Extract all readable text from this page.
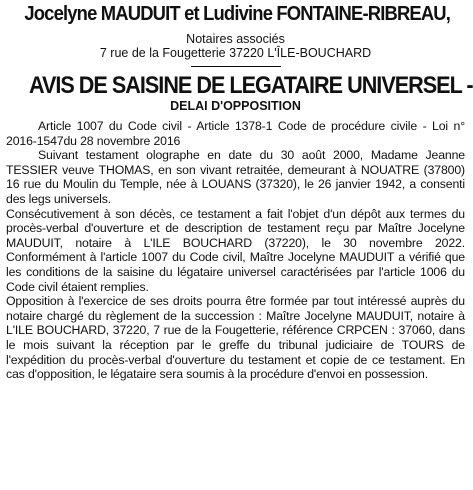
Jocelyne MAUDUIT et Ludivine FONTAINE-RIBREAU,
Notaires associés
7 rue de la Fougetterie 37220 L'ÎLE-BOUCHARD
AVIS DE SAISINE DE LEGATAIRE UNIVERSEL -
DELAI D'OPPOSITION

Article 1007 du Code civil - Article 1378-1 Code de procédure civile - Loi n° 2016-1547du 28 novembre 2016

Suivant testament olographe en date du 30 août 2000, Madame Jeanne TESSIER veuve THOMAS, en son vivant retraitée, demeurant à NOUATRE (37800) 16 rue du Moulin du Temple, née à LOUANS (37320), le 26 janvier 1942, a consenti des legs universels.

Consécutivement à son décès, ce testament a fait l'objet d'un dépôt aux termes du procès-verbal d'ouverture et de description de testament reçu par Maître Jocelyne MAUDUIT, notaire à L'ILE BOUCHARD (37220), le 30 novembre 2022. Conformément à l'article 1007 du Code civil, Maître Jocelyne MAUDUIT a vérifié que les conditions de la saisine du légataire universel caractérisées par l'article 1006 du Code civil étaient remplies.

Opposition à l'exercice de ses droits pourra être formée par tout intéressé auprès du notaire chargé du règlement de la succession : Maître Jocelyne MAUDUIT, notaire à L'ILE BOUCHARD, 37220, 7 rue de la Fougetterie, référence CRPCEN : 37060, dans le mois suivant la réception par le greffe du tribunal judiciaire de TOURS de l'expédition du procès-verbal d'ouverture du testament et copie de ce testament. En cas d'opposition, le légataire sera soumis à la procédure d'envoi en possession.
